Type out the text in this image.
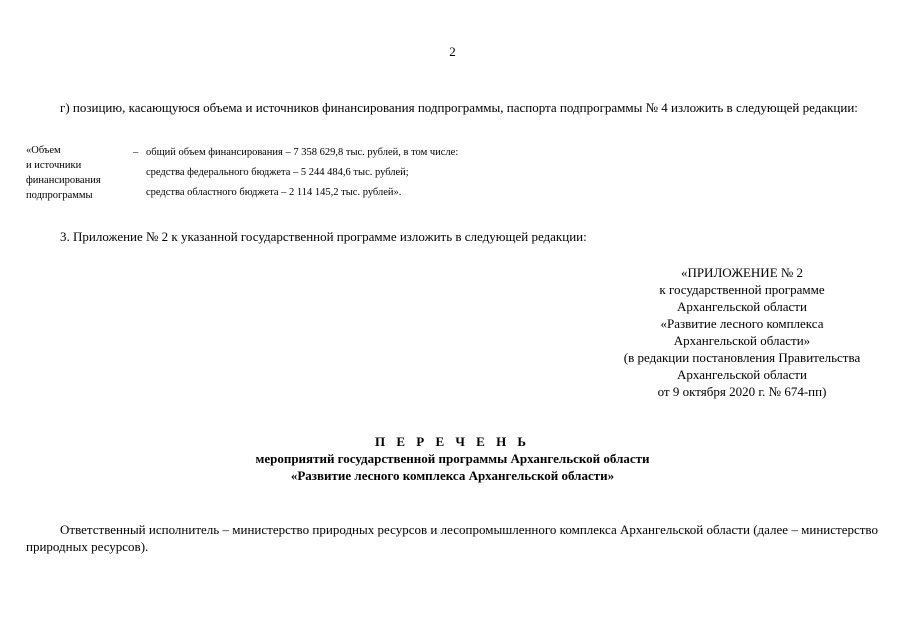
2
г) позицию, касающуюся объема и источников финансирования подпрограммы, паспорта подпрограммы № 4 изложить в следующей редакции:
«Объем
и источники
финансирования
подпрограммы
– общий объем финансирования – 7 358 629,8 тыс. рублей, в том числе:
средства федерального бюджета – 5 244 484,6 тыс. рублей;
средства областного бюджета – 2 114 145,2 тыс. рублей».
3. Приложение № 2 к указанной государственной программе изложить в следующей редакции:
«ПРИЛОЖЕНИЕ № 2
к государственной программе
Архангельской области
«Развитие лесного комплекса
Архангельской области»
(в редакции постановления Правительства
Архангельской области
от 9 октября 2020 г. № 674-пп)
П Е Р Е Ч Е Н Ь
мероприятий государственной программы Архангельской области
«Развитие лесного комплекса Архангельской области»
Ответственный исполнитель – министерство природных ресурсов и лесопромышленного комплекса Архангельской области (далее – министерство природных ресурсов).
